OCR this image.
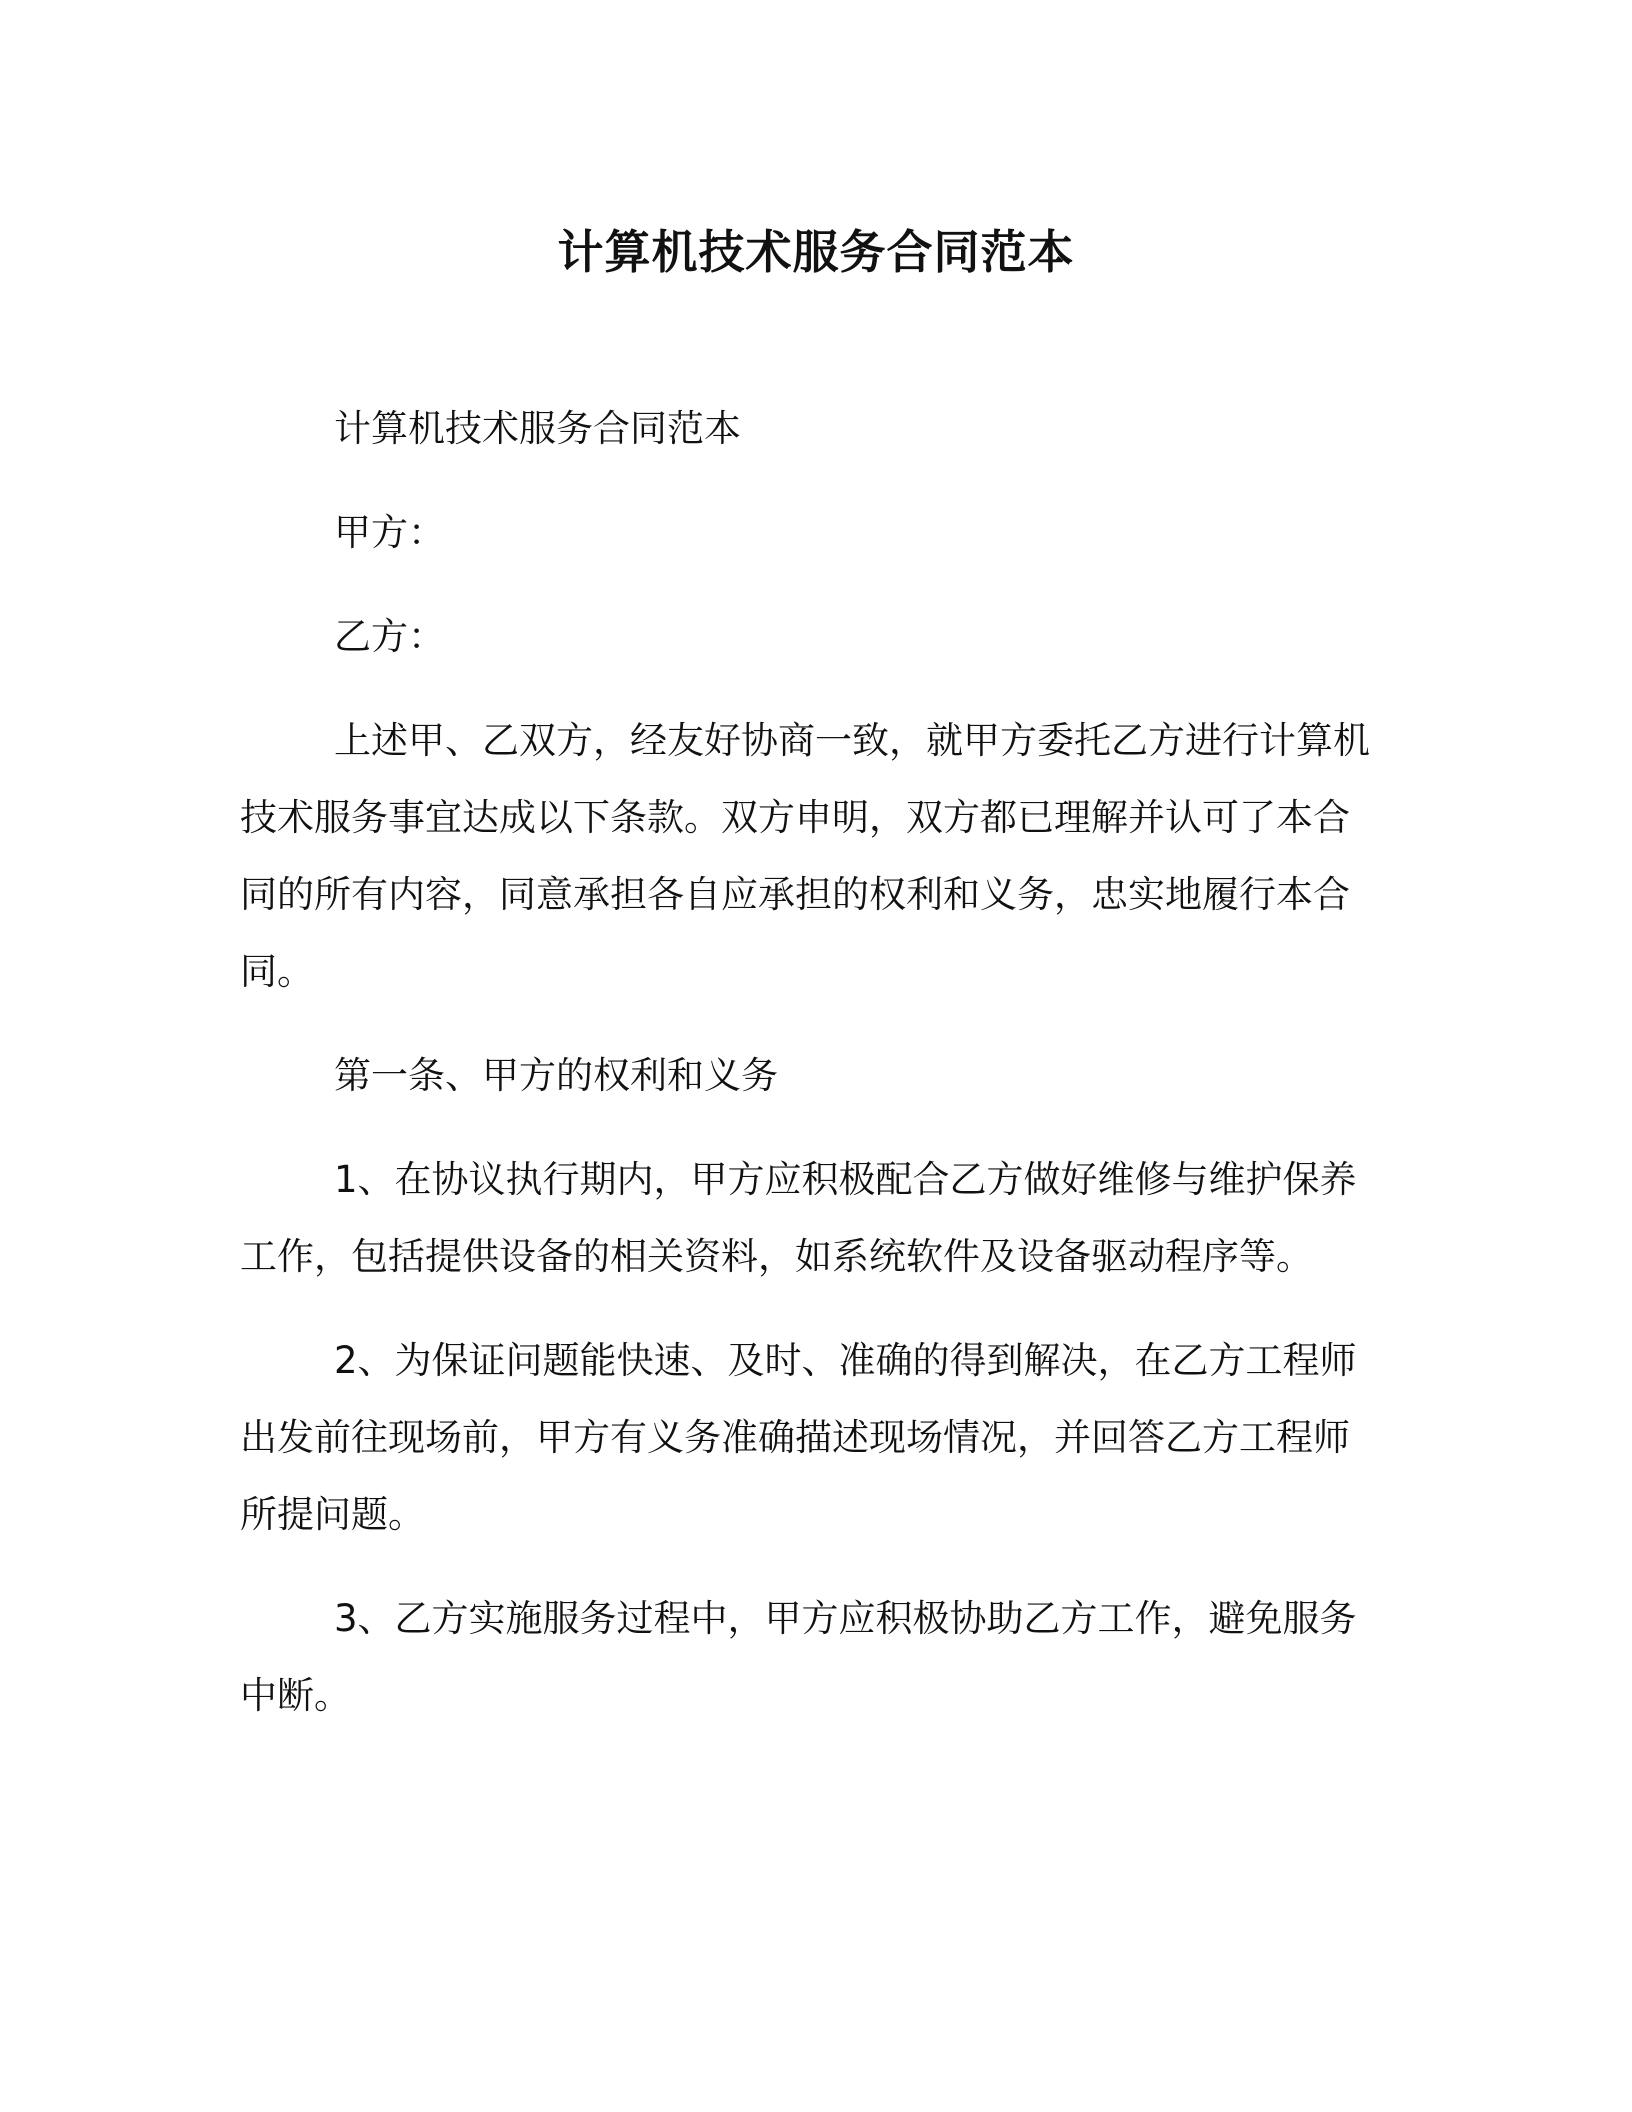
计算机技术服务合同范本

计算机技术服务合同范本

甲方：

乙方：

上述甲、乙双方，经友好协商一致，就甲方委托乙方进行计算机技术服务事宜达成以下条款。双方申明，双方都已理解并认可了本合同的所有内容，同意承担各自应承担的权利和义务，忠实地履行本合同。

第一条、甲方的权利和义务

1、在协议执行期内，甲方应积极配合乙方做好维修与维护保养工作，包括提供设备的相关资料，如系统软件及设备驱动程序等。

2、为保证问题能快速、及时、准确的得到解决，在乙方工程师出发前往现场前，甲方有义务准确描述现场情况，并回答乙方工程师所提问题。

3、乙方实施服务过程中，甲方应积极协助乙方工作，避免服务中断。
